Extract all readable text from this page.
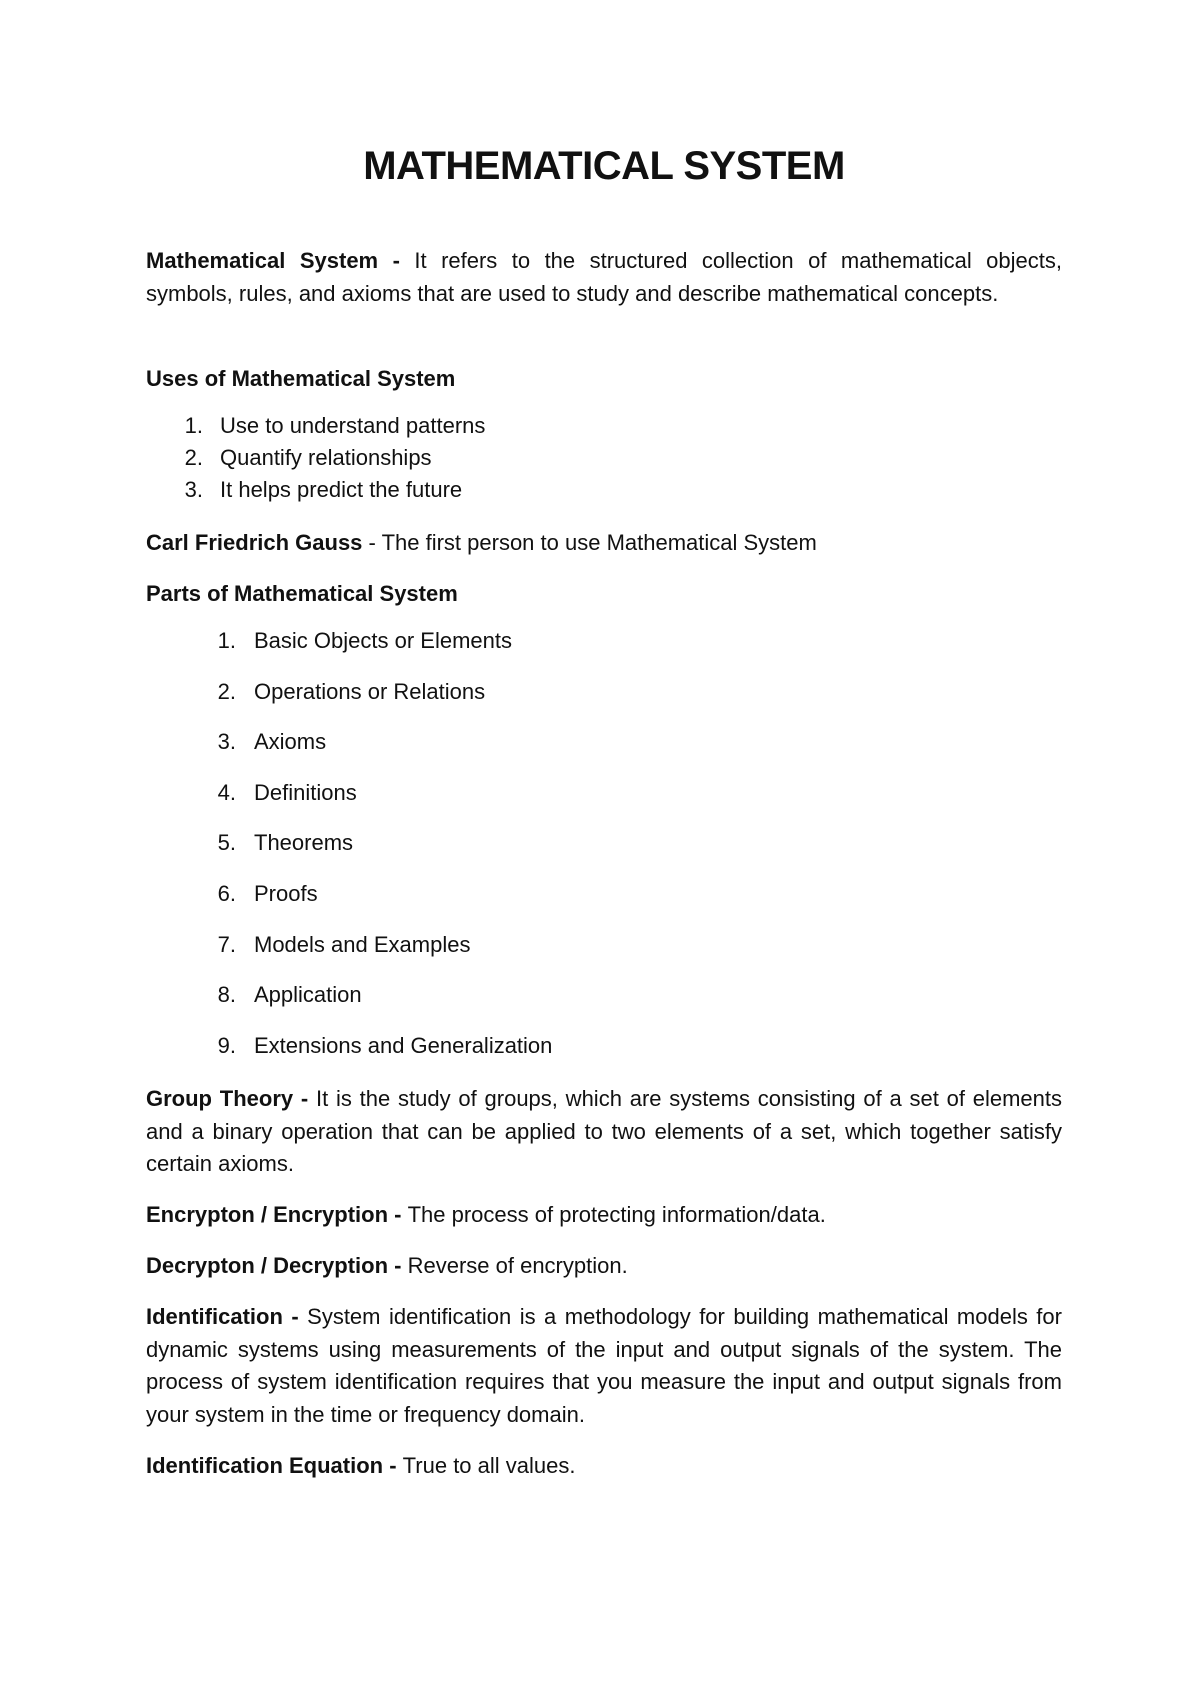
MATHEMATICAL SYSTEM

Mathematical System - It refers to the structured collection of mathematical objects, symbols, rules, and axioms that are used to study and describe mathematical concepts.

Uses of Mathematical System

1. Use to understand patterns
2. Quantify relationships
3. It helps predict the future

Carl Friedrich Gauss - The first person to use Mathematical System

Parts of Mathematical System

1. Basic Objects or Elements
2. Operations or Relations
3. Axioms
4. Definitions
5. Theorems
6. Proofs
7. Models and Examples
8. Application
9. Extensions and Generalization

Group Theory - It is the study of groups, which are systems consisting of a set of elements and a binary operation that can be applied to two elements of a set, which together satisfy certain axioms.

Encrypton / Encryption - The process of protecting information/data.

Decrypton / Decryption - Reverse of encryption.

Identification - System identification is a methodology for building mathematical models for dynamic systems using measurements of the input and output signals of the system. The process of system identification requires that you measure the input and output signals from your system in the time or frequency domain.

Identification Equation - True to all values.
